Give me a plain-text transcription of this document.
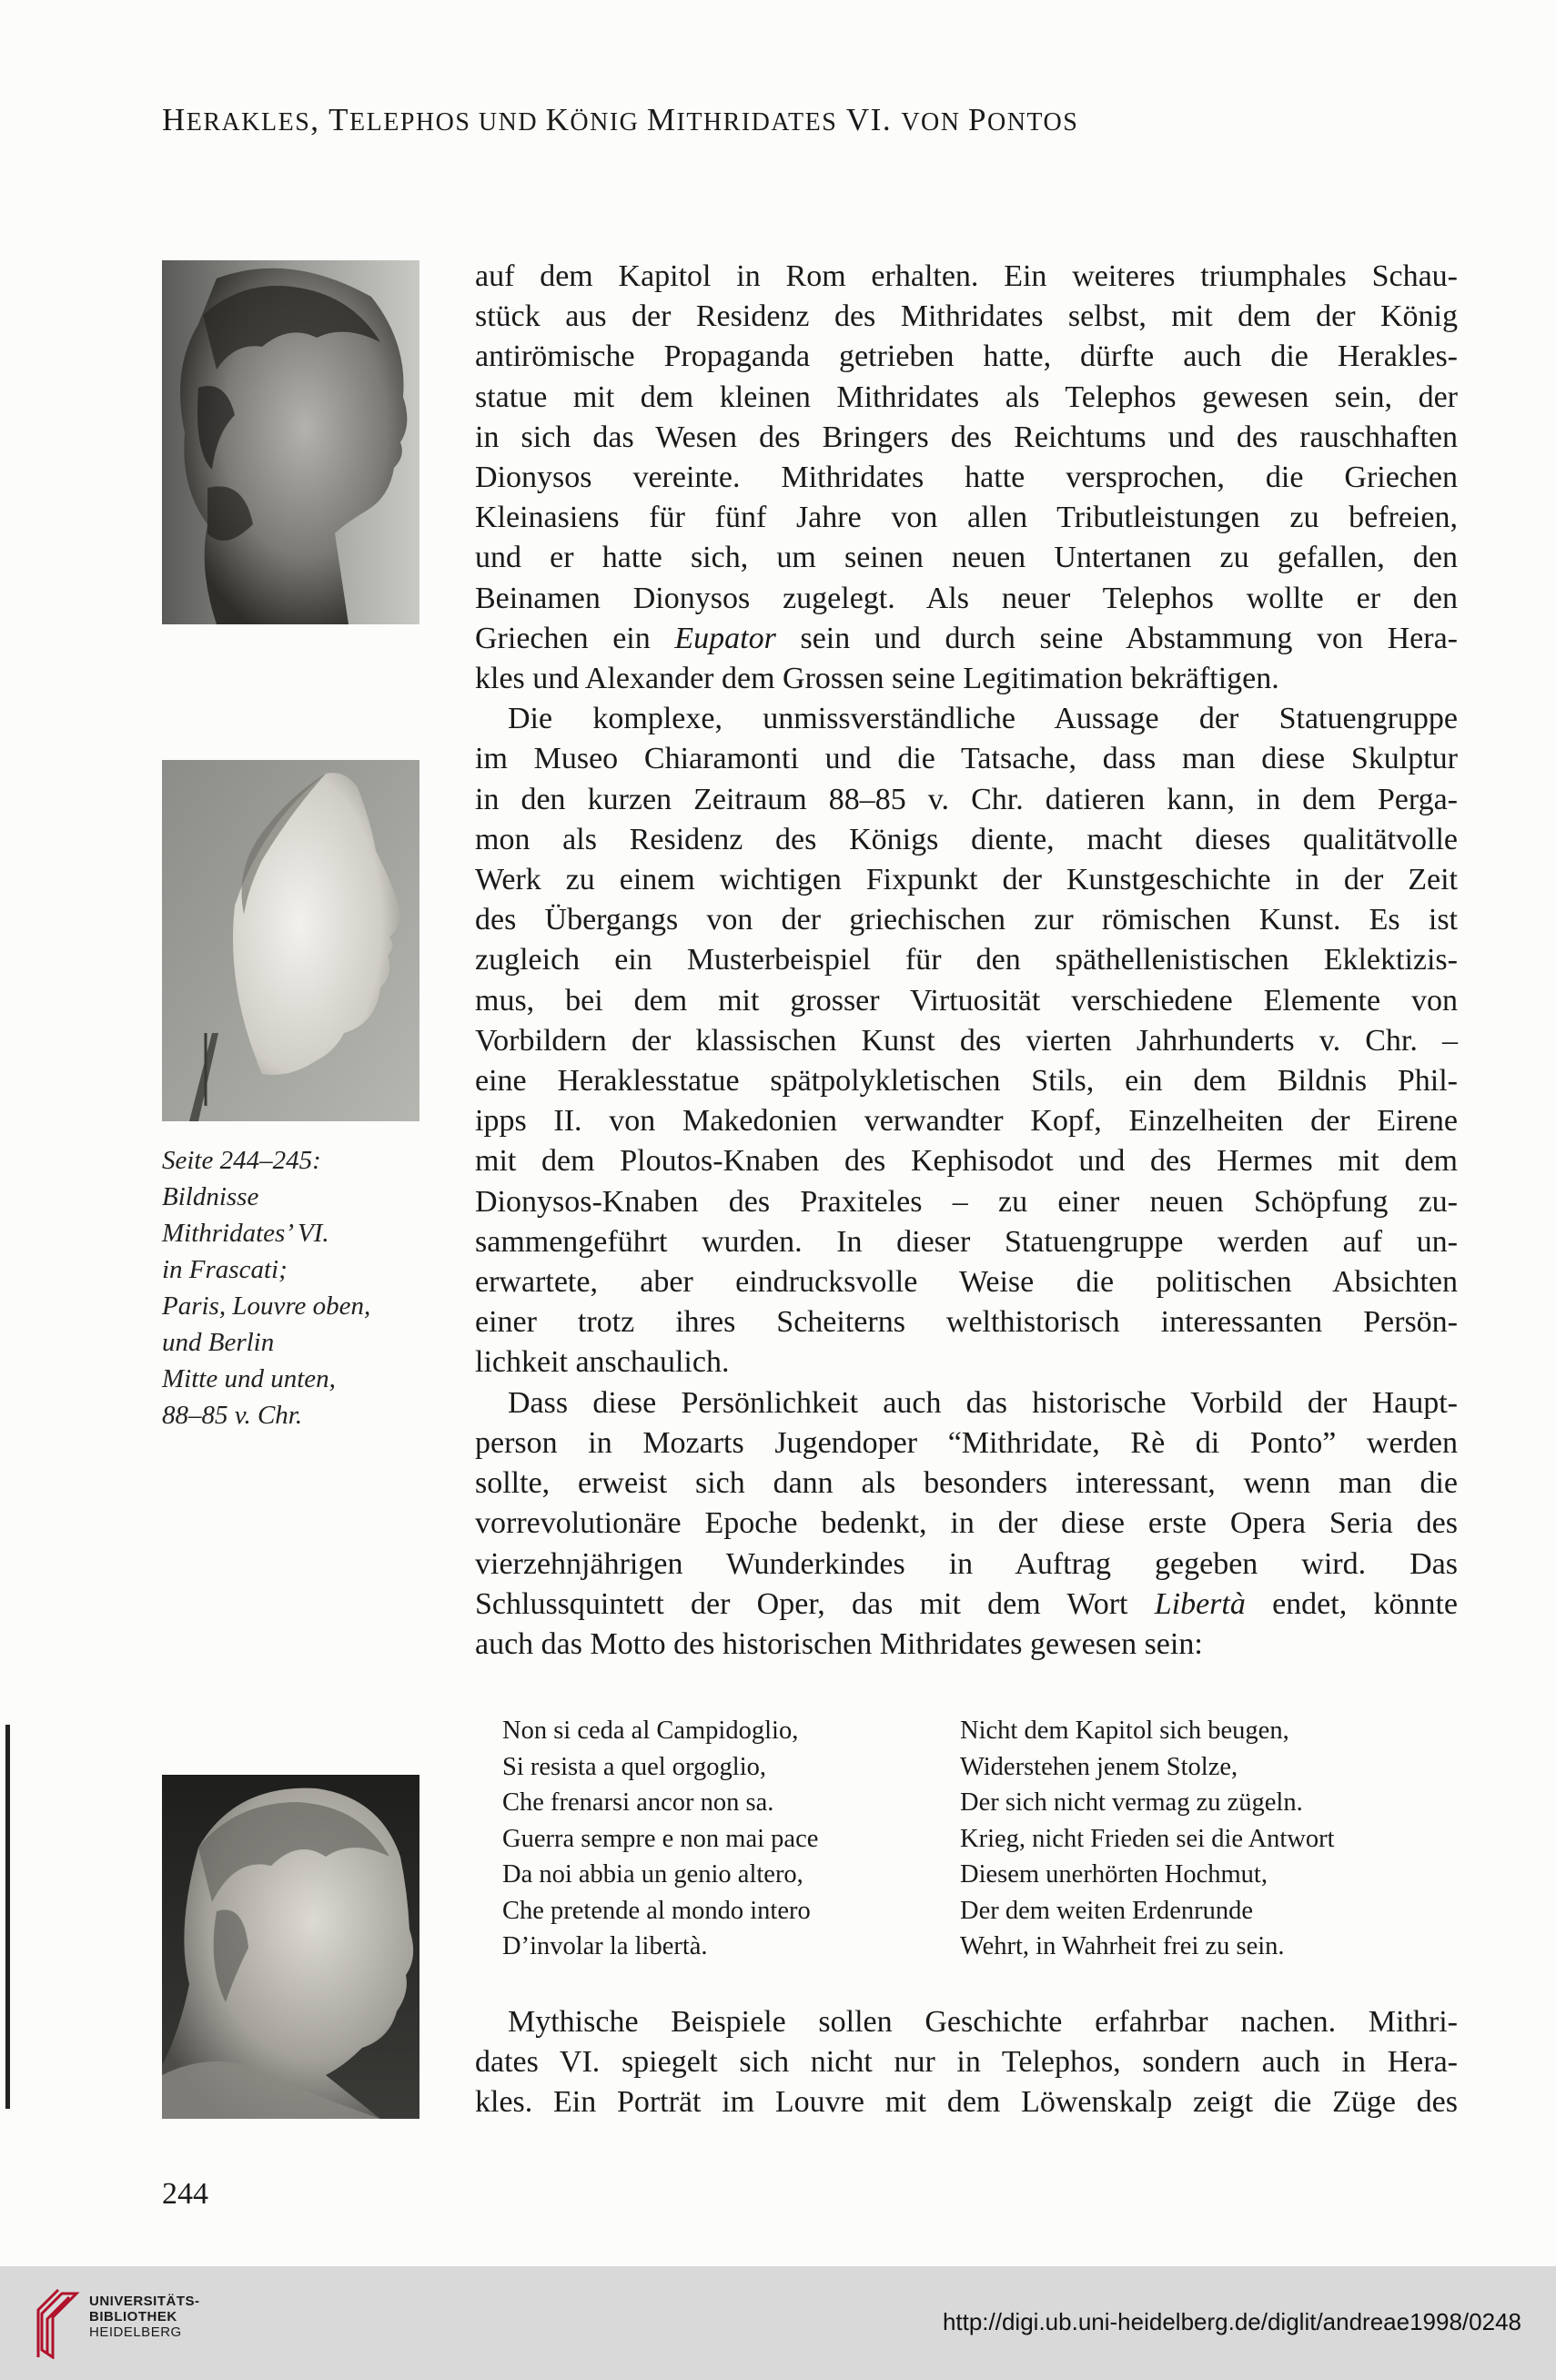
HERAKLES, TELEPHOS UND KÖNIG MITHRIDATES VI. VON PONTOS
Seite 244–245:
Bildnisse
Mithridates’ VI.
in Frascati;
Paris, Louvre oben,
und Berlin
Mitte und unten,
88–85 v. Chr.

auf dem Kapitol in Rom erhalten. Ein weiteres triumphales Schau-
stück aus der Residenz des Mithridates selbst, mit dem der König
antirömische Propaganda getrieben hatte, dürfte auch die Herakles-
statue mit dem kleinen Mithridates als Telephos gewesen sein, der
in sich das Wesen des Bringers des Reichtums und des rauschhaften
Dionysos vereinte. Mithridates hatte versprochen, die Griechen
Kleinasiens für fünf Jahre von allen Tributleistungen zu befreien,
und er hatte sich, um seinen neuen Untertanen zu gefallen, den
Beinamen Dionysos zugelegt. Als neuer Telephos wollte er den
Griechen ein Eupator sein und durch seine Abstammung von Hera-
kles und Alexander dem Grossen seine Legitimation bekräftigen.

Die komplexe, unmissverständliche Aussage der Statuengruppe
im Museo Chiaramonti und die Tatsache, dass man diese Skulptur
in den kurzen Zeitraum 88–85 v. Chr. datieren kann, in dem Perga-
mon als Residenz des Königs diente, macht dieses qualitätvolle
Werk zu einem wichtigen Fixpunkt der Kunstgeschichte in der Zeit
des Übergangs von der griechischen zur römischen Kunst. Es ist
zugleich ein Musterbeispiel für den späthellenistischen Eklektizis-
mus, bei dem mit grosser Virtuosität verschiedene Elemente von
Vorbildern der klassischen Kunst des vierten Jahrhunderts v. Chr. –
eine Heraklesstatue spätpolykletischen Stils, ein dem Bildnis Phil-
ipps II. von Makedonien verwandter Kopf, Einzelheiten der Eirene
mit dem Ploutos-Knaben des Kephisodot und des Hermes mit dem
Dionysos-Knaben des Praxiteles – zu einer neuen Schöpfung zu-
sammengeführt wurden. In dieser Statuengruppe werden auf un-
erwartete, aber eindrucksvolle Weise die politischen Absichten
einer trotz ihres Scheiterns welthistorisch interessanten Persön-
lichkeit anschaulich.

Dass diese Persönlichkeit auch das historische Vorbild der Haupt-
person in Mozarts Jugendoper “Mithridate, Rè di Ponto” werden
sollte, erweist sich dann als besonders interessant, wenn man die
vorrevolutionäre Epoche bedenkt, in der diese erste Opera Seria des
vierzehnjährigen Wunderkindes in Auftrag gegeben wird. Das
Schlussquintett der Oper, das mit dem Wort Libertà endet, könnte
auch das Motto des historischen Mithridates gewesen sein:

Non si ceda al Campidoglio,
Si resista a quel orgoglio,
Che frenarsi ancor non sa.
Guerra sempre e non mai pace
Da noi abbia un genio altero,
Che pretende al mondo intero
D’involar la libertà.
Nicht dem Kapitol sich beugen,
Widerstehen jenem Stolze,
Der sich nicht vermag zu zügeln.
Krieg, nicht Frieden sei die Antwort
Diesem unerhörten Hochmut,
Der dem weiten Erdenrunde
Wehrt, in Wahrheit frei zu sein.
Mythische Beispiele sollen Geschichte erfahrbar nachen. Mithri-
dates VI. spiegelt sich nicht nur in Telephos, sondern auch in Hera-
kles. Ein Porträt im Louvre mit dem Löwenskalp zeigt die Züge des
244
UNIVERSITÄTS-
BIBLIOTHEK
HEIDELBERG	http://digi.ub.uni-heidelberg.de/diglit/andreae1998/0248
